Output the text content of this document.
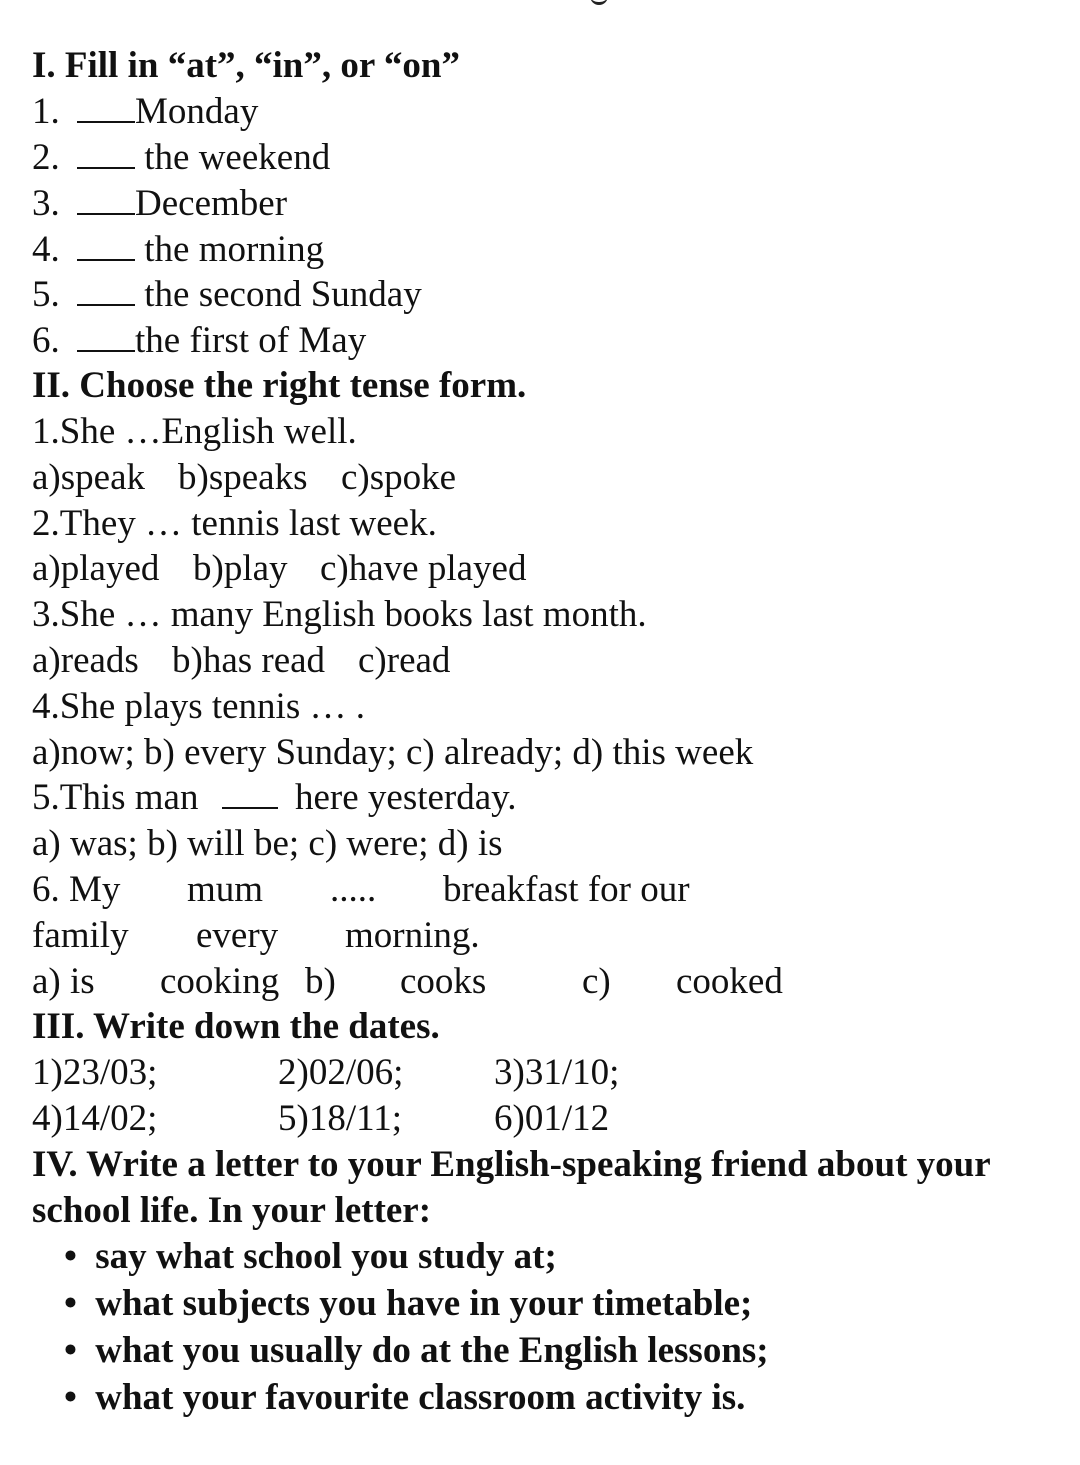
I. Fill in “at”, “in”, or “on”
1. Monday
2.  the weekend
3. December
4.  the morning
5.  the second Sunday
6. the first of May
II. Choose the right tense form.
1.She …English well.
a)speak b)speaks c)spoke
2.They … tennis last week.
a)played b)play c)have played
3.She … many English books last month.
a)reads b)has read c)read
4.She plays tennis … .
a)now; b) every Sunday; c) already; d) this week
5.This man	here yesterday.
a) was; b) will be; c) were; d) is
6. My mum ..... breakfast for our
family every morning.
a) is cooking b) cooks	c) cooked
III. Write down the dates.
1)23/03;	2)02/06; 3)31/10;
4)14/02;	5)18/11; 6)01/12
IV. Write a letter to your English-speaking friend about your
school life. In your letter:
• say what school you study at;
• what subjects you have in your timetable;
• what you usually do at the English lessons;
• what your favourite classroom activity is.
